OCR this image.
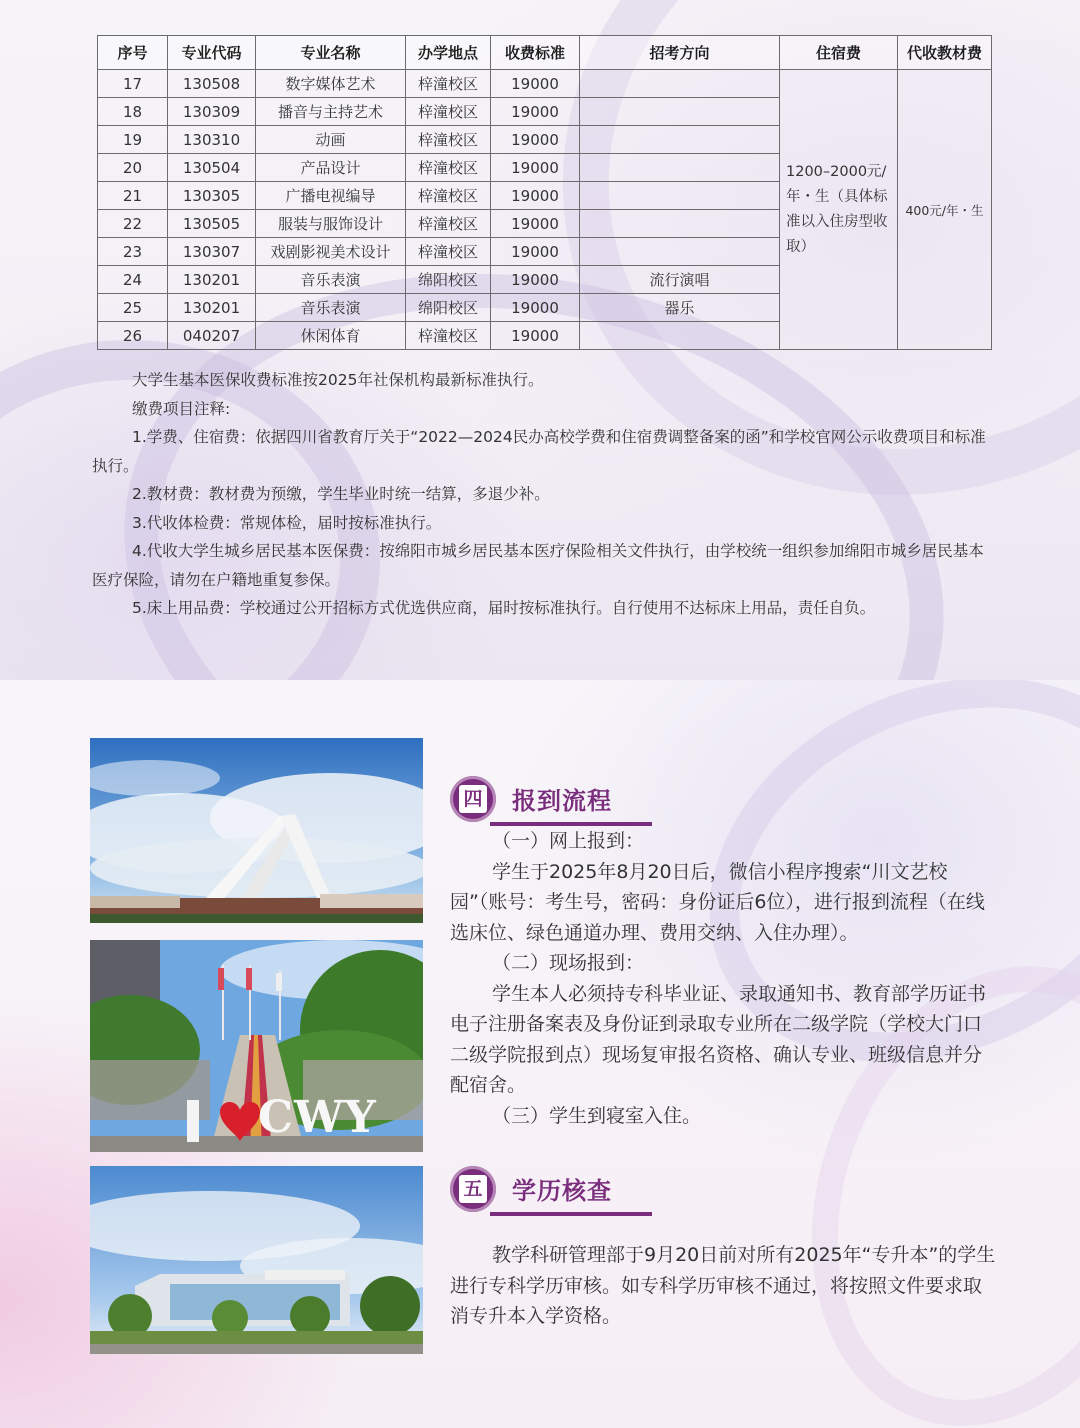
序号	专业代码	专业名称	办学地点	收费标准	招考方向	住宿费	代收教材费
17	130508	数字媒体艺术	梓潼校区	19000		1200–2000元/年・生（具体标准以入住房型收取）	400元/年・生
18	130309	播音与主持艺术	梓潼校区	19000			
19	130310	动画	梓潼校区	19000			
20	130504	产品设计	梓潼校区	19000			
21	130305	广播电视编导	梓潼校区	19000			
22	130505	服装与服饰设计	梓潼校区	19000			
23	130307	戏剧影视美术设计	梓潼校区	19000			
24	130201	音乐表演	绵阳校区	19000	流行演唱		
25	130201	音乐表演	绵阳校区	19000	器乐		
26	040207	休闲体育	梓潼校区	19000			

大学生基本医保收费标准按2025年社保机构最新标准执行。

缴费项目注释:

1.学费、住宿费：依据四川省教育厅关于“2022—2024民办高校学费和住宿费调整备案的函”和学校官网公示收费项目和标准执行。

2.教材费：教材费为预缴，学生毕业时统一结算，多退少补。

3.代收体检费：常规体检，届时按标准执行。

4.代收大学生城乡居民基本医保费：按绵阳市城乡居民基本医疗保险相关文件执行，由学校统一组织参加绵阳市城乡居民基本医疗保险，请勿在户籍地重复参保。

5.床上用品费：学校通过公开招标方式优选供应商，届时按标准执行。自行使用不达标床上用品，责任自负。

CWY
四 报到流程

（一）网上报到：

学生于2025年8月20日后，微信小程序搜索“川文艺校园”（账号：考生号，密码：身份证后6位），进行报到流程（在线选床位、绿色通道办理、费用交纳、入住办理）。

（二）现场报到：

学生本人必须持专科毕业证、录取通知书、教育部学历证书电子注册备案表及身份证到录取专业所在二级学院（学校大门口二级学院报到点）现场复审报名资格、确认专业、班级信息并分配宿舍。

（三）学生到寝室入住。

五 学历核查

教学科研管理部于9月20日前对所有2025年“专升本”的学生进行专科学历审核。如专科学历审核不通过，将按照文件要求取消专升本入学资格。
